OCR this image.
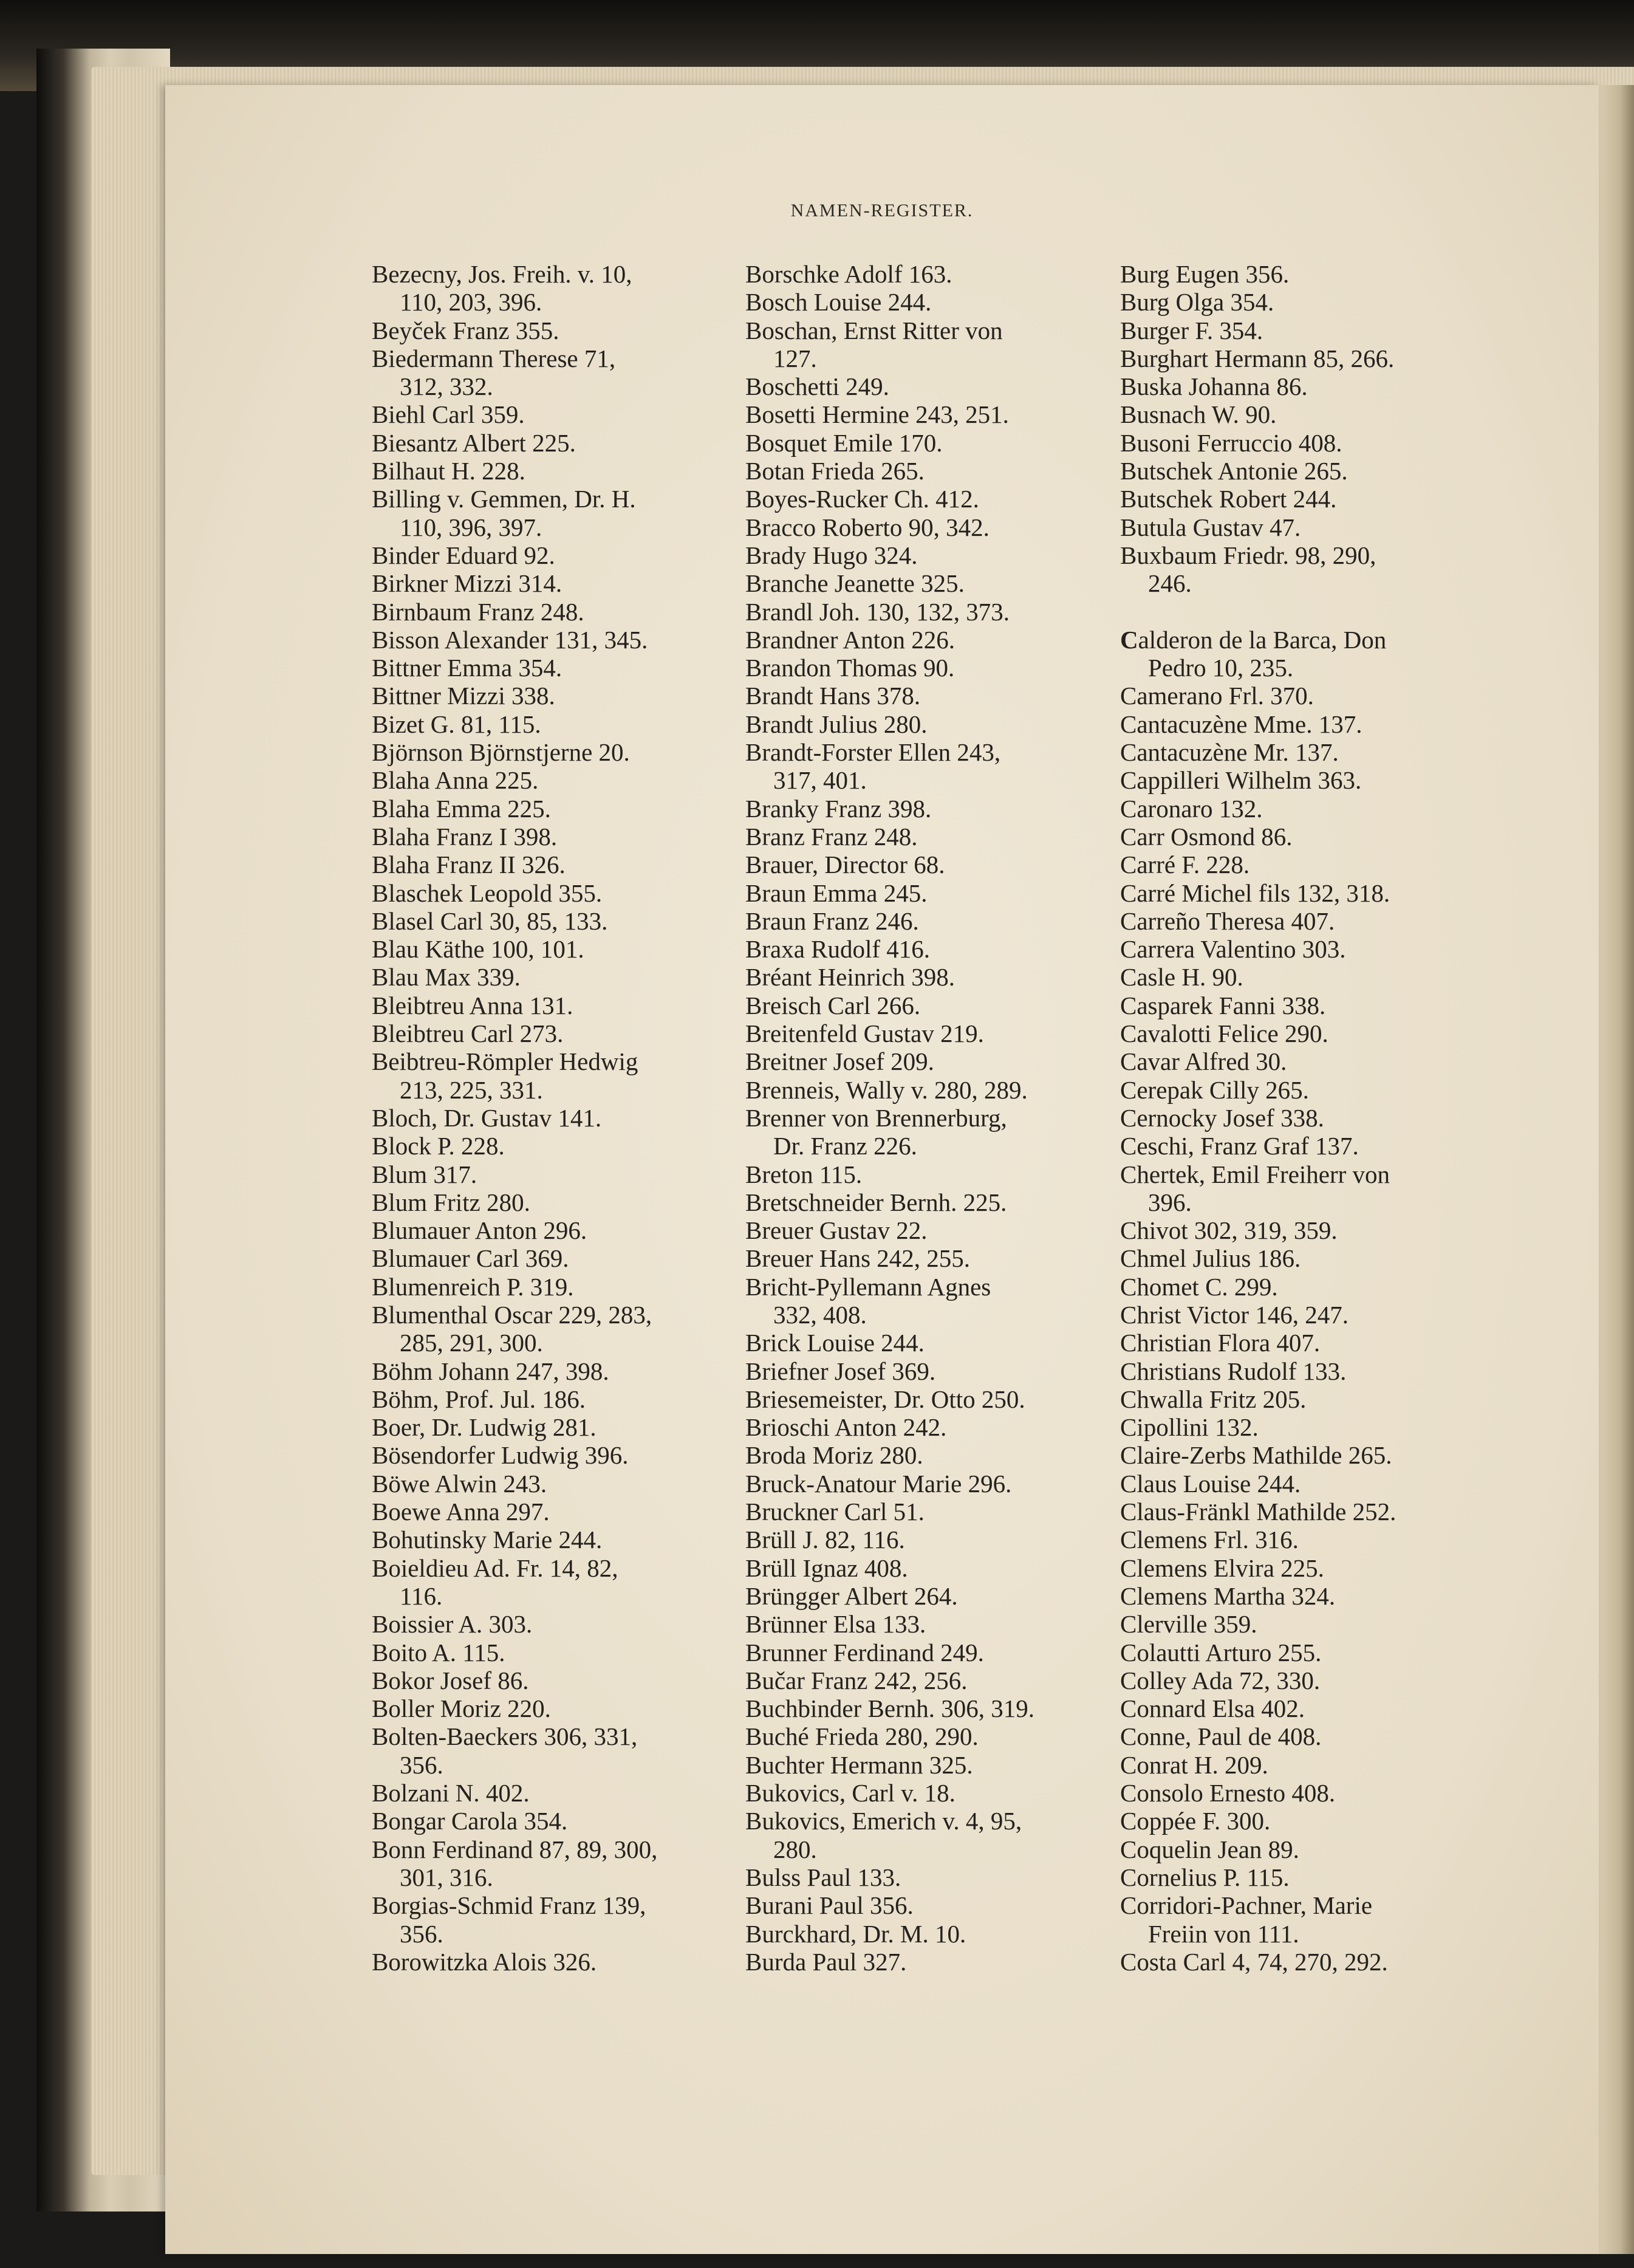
NAMEN-REGISTER.
Bezecny, Jos. Freih. v. 10,
110, 203, 396.
Beyček Franz 355.
Biedermann Therese 71,
312, 332.
Biehl Carl 359.
Biesantz Albert 225.
Bilhaut H. 228.
Billing v. Gemmen, Dr. H.
110, 396, 397.
Binder Eduard 92.
Birkner Mizzi 314.
Birnbaum Franz 248.
Bisson Alexander 131, 345.
Bittner Emma 354.
Bittner Mizzi 338.
Bizet G. 81, 115.
Björnson Björnstjerne 20.
Blaha Anna 225.
Blaha Emma 225.
Blaha Franz I 398.
Blaha Franz II 326.
Blaschek Leopold 355.
Blasel Carl 30, 85, 133.
Blau Käthe 100, 101.
Blau Max 339.
Bleibtreu Anna 131.
Bleibtreu Carl 273.
Beibtreu-Römpler Hedwig
213, 225, 331.
Bloch, Dr. Gustav 141.
Block P. 228.
Blum 317.
Blum Fritz 280.
Blumauer Anton 296.
Blumauer Carl 369.
Blumenreich P. 319.
Blumenthal Oscar 229, 283,
285, 291, 300.
Böhm Johann 247, 398.
Böhm, Prof. Jul. 186.
Boer, Dr. Ludwig 281.
Bösendorfer Ludwig 396.
Böwe Alwin 243.
Boewe Anna 297.
Bohutinsky Marie 244.
Boieldieu Ad. Fr. 14, 82,
116.
Boissier A. 303.
Boito A. 115.
Bokor Josef 86.
Boller Moriz 220.
Bolten-Baeckers 306, 331,
356.
Bolzani N. 402.
Bongar Carola 354.
Bonn Ferdinand 87, 89, 300,
301, 316.
Borgias-Schmid Franz 139,
356.
Borowitzka Alois 326.
Borschke Adolf 163.
Bosch Louise 244.
Boschan, Ernst Ritter von
127.
Boschetti 249.
Bosetti Hermine 243, 251.
Bosquet Emile 170.
Botan Frieda 265.
Boyes-Rucker Ch. 412.
Bracco Roberto 90, 342.
Brady Hugo 324.
Branche Jeanette 325.
Brandl Joh. 130, 132, 373.
Brandner Anton 226.
Brandon Thomas 90.
Brandt Hans 378.
Brandt Julius 280.
Brandt-Forster Ellen 243,
317, 401.
Branky Franz 398.
Branz Franz 248.
Brauer, Director 68.
Braun Emma 245.
Braun Franz 246.
Braxa Rudolf 416.
Bréant Heinrich 398.
Breisch Carl 266.
Breitenfeld Gustav 219.
Breitner Josef 209.
Brenneis, Wally v. 280, 289.
Brenner von Brennerburg,
Dr. Franz 226.
Breton 115.
Bretschneider Bernh. 225.
Breuer Gustav 22.
Breuer Hans 242, 255.
Bricht-Pyllemann Agnes
332, 408.
Brick Louise 244.
Briefner Josef 369.
Briesemeister, Dr. Otto 250.
Brioschi Anton 242.
Broda Moriz 280.
Bruck-Anatour Marie 296.
Bruckner Carl 51.
Brüll J. 82, 116.
Brüll Ignaz 408.
Brüngger Albert 264.
Brünner Elsa 133.
Brunner Ferdinand 249.
Bučar Franz 242, 256.
Buchbinder Bernh. 306, 319.
Buché Frieda 280, 290.
Buchter Hermann 325.
Bukovics, Carl v. 18.
Bukovics, Emerich v. 4, 95,
280.
Bulss Paul 133.
Burani Paul 356.
Burckhard, Dr. M. 10.
Burda Paul 327.
Burg Eugen 356.
Burg Olga 354.
Burger F. 354.
Burghart Hermann 85, 266.
Buska Johanna 86.
Busnach W. 90.
Busoni Ferruccio 408.
Butschek Antonie 265.
Butschek Robert 244.
Butula Gustav 47.
Buxbaum Friedr. 98, 290,
246.
Calderon de la Barca, Don
Pedro 10, 235.
Camerano Frl. 370.
Cantacuzène Mme. 137.
Cantacuzène Mr. 137.
Cappilleri Wilhelm 363.
Caronaro 132.
Carr Osmond 86.
Carré F. 228.
Carré Michel fils 132, 318.
Carreño Theresa 407.
Carrera Valentino 303.
Casle H. 90.
Casparek Fanni 338.
Cavalotti Felice 290.
Cavar Alfred 30.
Cerepak Cilly 265.
Cernocky Josef 338.
Ceschi, Franz Graf 137.
Chertek, Emil Freiherr von
396.
Chivot 302, 319, 359.
Chmel Julius 186.
Chomet C. 299.
Christ Victor 146, 247.
Christian Flora 407.
Christians Rudolf 133.
Chwalla Fritz 205.
Cipollini 132.
Claire-Zerbs Mathilde 265.
Claus Louise 244.
Claus-Fränkl Mathilde 252.
Clemens Frl. 316.
Clemens Elvira 225.
Clemens Martha 324.
Clerville 359.
Colautti Arturo 255.
Colley Ada 72, 330.
Connard Elsa 402.
Conne, Paul de 408.
Conrat H. 209.
Consolo Ernesto 408.
Coppée F. 300.
Coquelin Jean 89.
Cornelius P. 115.
Corridori-Pachner, Marie
Freiin von 111.
Costa Carl 4, 74, 270, 292.
